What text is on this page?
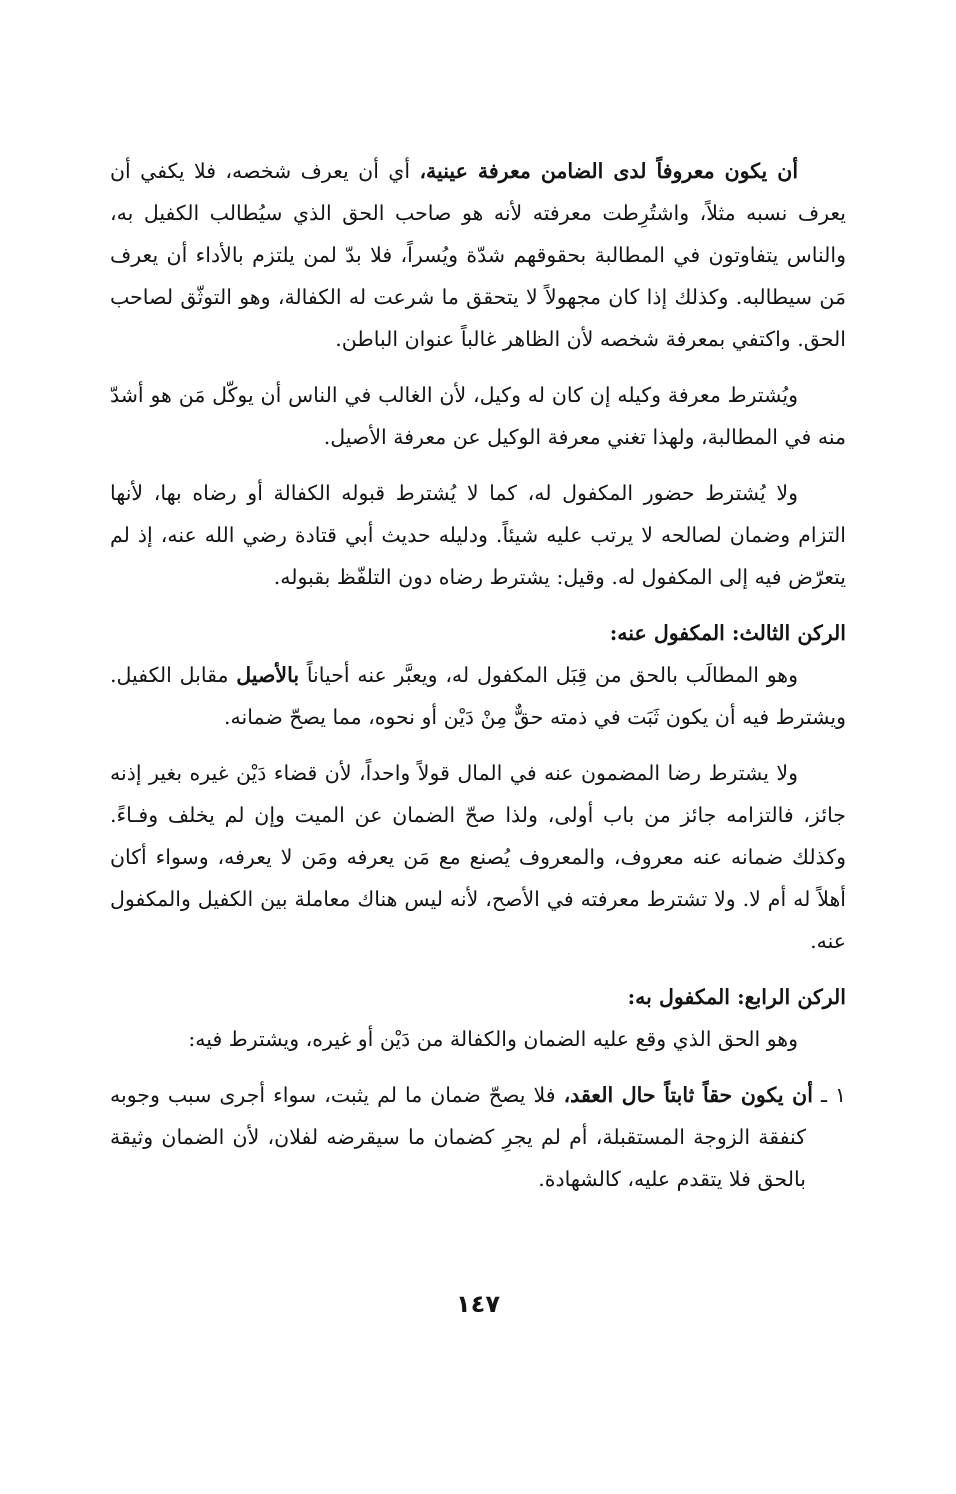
أن يكون معروفاً لدى الضامن معرفة عينية، أي أن يعرف شخصه، فلا يكفي أن يعرف نسبه مثلاً، واشتُرِطت معرفته لأنه هو صاحب الحق الذي سيُطالب الكفيل به، والناس يتفاوتون في المطالبة بحقوقهم شدّة ويُسراً، فلا بدّ لمن يلتزم بالأداء أن يعرف مَن سيطالبه. وكذلك إذا كان مجهولاً لا يتحقق ما شرعت له الكفالة، وهو التوثّق لصاحب الحق. واكتفي بمعرفة شخصه لأن الظاهر غالباً عنوان الباطن.

ويُشترط معرفة وكيله إن كان له وكيل، لأن الغالب في الناس أن يوكّل مَن هو أشدّ منه في المطالبة، ولهذا تغني معرفة الوكيل عن معرفة الأصيل.

ولا يُشترط حضور المكفول له، كما لا يُشترط قبوله الكفالة أو رضاه بها، لأنها التزام وضمان لصالحه لا يرتب عليه شيئاً. ودليله حديث أبي قتادة رضي الله عنه، إذ لم يتعرّض فيه إلى المكفول له. وقيل: يشترط رضاه دون التلفّظ بقبوله.

الركن الثالث: المكفول عنه:

وهو المطالَب بالحق من قِبَل المكفول له، ويعبَّر عنه أحياناً بالأصيل مقابل الكفيل. ويشترط فيه أن يكون ثَبَت في ذمته حقٌّ مِنْ دَيْن أو نحوه، مما يصحّ ضمانه.

ولا يشترط رضا المضمون عنه في المال قولاً واحداً، لأن قضاء دَيْن غيره بغير إذنه جائز، فالتزامه جائز من باب أولى، ولذا صحّ الضمان عن الميت وإن لم يخلف وفـاءً. وكذلك ضمانه عنه معروف، والمعروف يُصنع مع مَن يعرفه ومَن لا يعرفه، وسواء أكان أهلاً له أم لا. ولا تشترط معرفته في الأصح، لأنه ليس هناك معاملة بين الكفيل والمكفول عنه.

الركن الرابع: المكفول به:

وهو الحق الذي وقع عليه الضمان والكفالة من دَيْن أو غيره، ويشترط فيه:

١ ـ أن يكون حقاً ثابتاً حال العقد، فلا يصحّ ضمان ما لم يثبت، سواء أجرى سبب وجوبه كنفقة الزوجة المستقبلة، أم لم يجرِ كضمان ما سيقرضه لفلان، لأن الضمان وثيقة بالحق فلا يتقدم عليه، كالشهادة.

١٤٧
